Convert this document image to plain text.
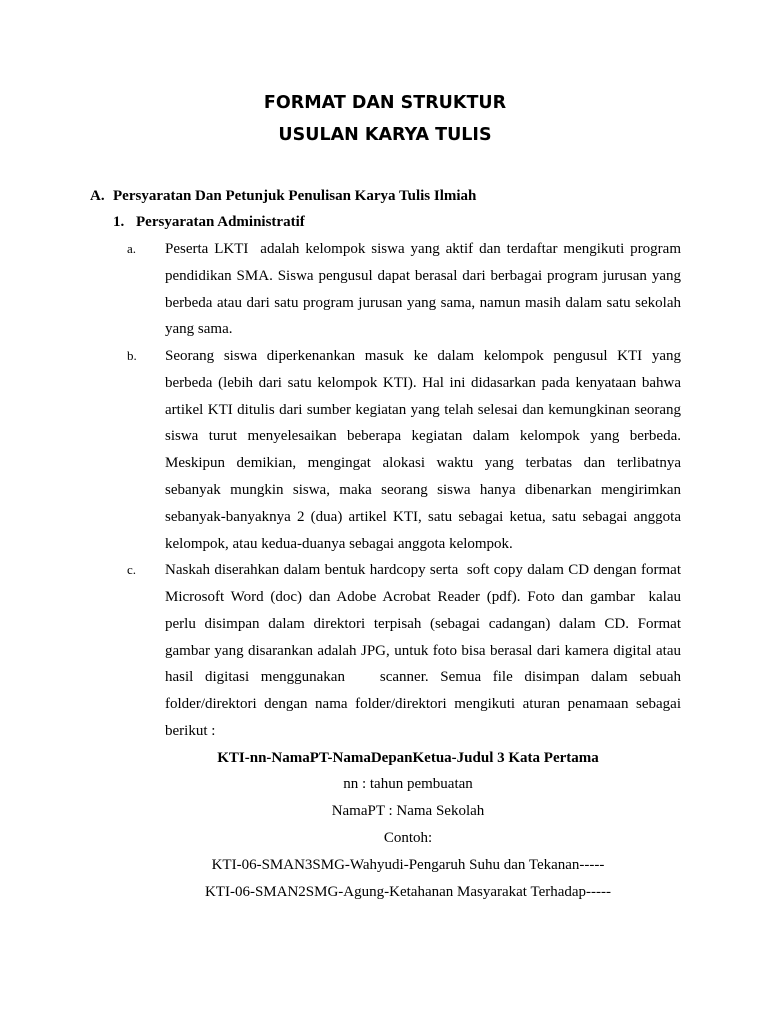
FORMAT DAN STRUKTUR
USULAN KARYA TULIS
A. Persyaratan Dan Petunjuk Penulisan Karya Tulis Ilmiah
1. Persyaratan Administratif
a. Peserta LKTI  adalah kelompok siswa yang aktif dan terdaftar mengikuti program
pendidikan SMA. Siswa pengusul dapat berasal dari berbagai program jurusan yang
berbeda atau dari satu program jurusan yang sama, namun masih dalam satu sekolah
yang sama.
b. Seorang siswa diperkenankan masuk ke dalam kelompok pengusul KTI yang
berbeda (lebih dari satu kelompok KTI). Hal ini didasarkan pada kenyataan bahwa
artikel KTI ditulis dari sumber kegiatan yang telah selesai dan kemungkinan seorang
siswa turut menyelesaikan beberapa kegiatan dalam kelompok yang berbeda.
Meskipun demikian, mengingat alokasi waktu yang terbatas dan terlibatnya
sebanyak mungkin siswa, maka seorang siswa hanya dibenarkan mengirimkan
sebanyak-banyaknya 2 (dua) artikel KTI, satu sebagai ketua, satu sebagai anggota
kelompok, atau kedua-duanya sebagai anggota kelompok.
c. Naskah diserahkan dalam bentuk hardcopy serta  soft copy dalam CD dengan format
Microsoft Word (doc) dan Adobe Acrobat Reader (pdf). Foto dan gambar  kalau
perlu disimpan dalam direktori terpisah (sebagai cadangan) dalam CD. Format
gambar yang disarankan adalah JPG, untuk foto bisa berasal dari kamera digital atau
hasil digitasi menggunakan   scanner. Semua file disimpan dalam sebuah
folder/direktori dengan nama folder/direktori mengikuti aturan penamaan sebagai
berikut :
KTI-nn-NamaPT-NamaDepanKetua-Judul 3 Kata Pertama
nn : tahun pembuatan
NamaPT : Nama Sekolah
Contoh:
KTI-06-SMAN3SMG-Wahyudi-Pengaruh Suhu dan Tekanan-----
KTI-06-SMAN2SMG-Agung-Ketahanan Masyarakat Terhadap-----
